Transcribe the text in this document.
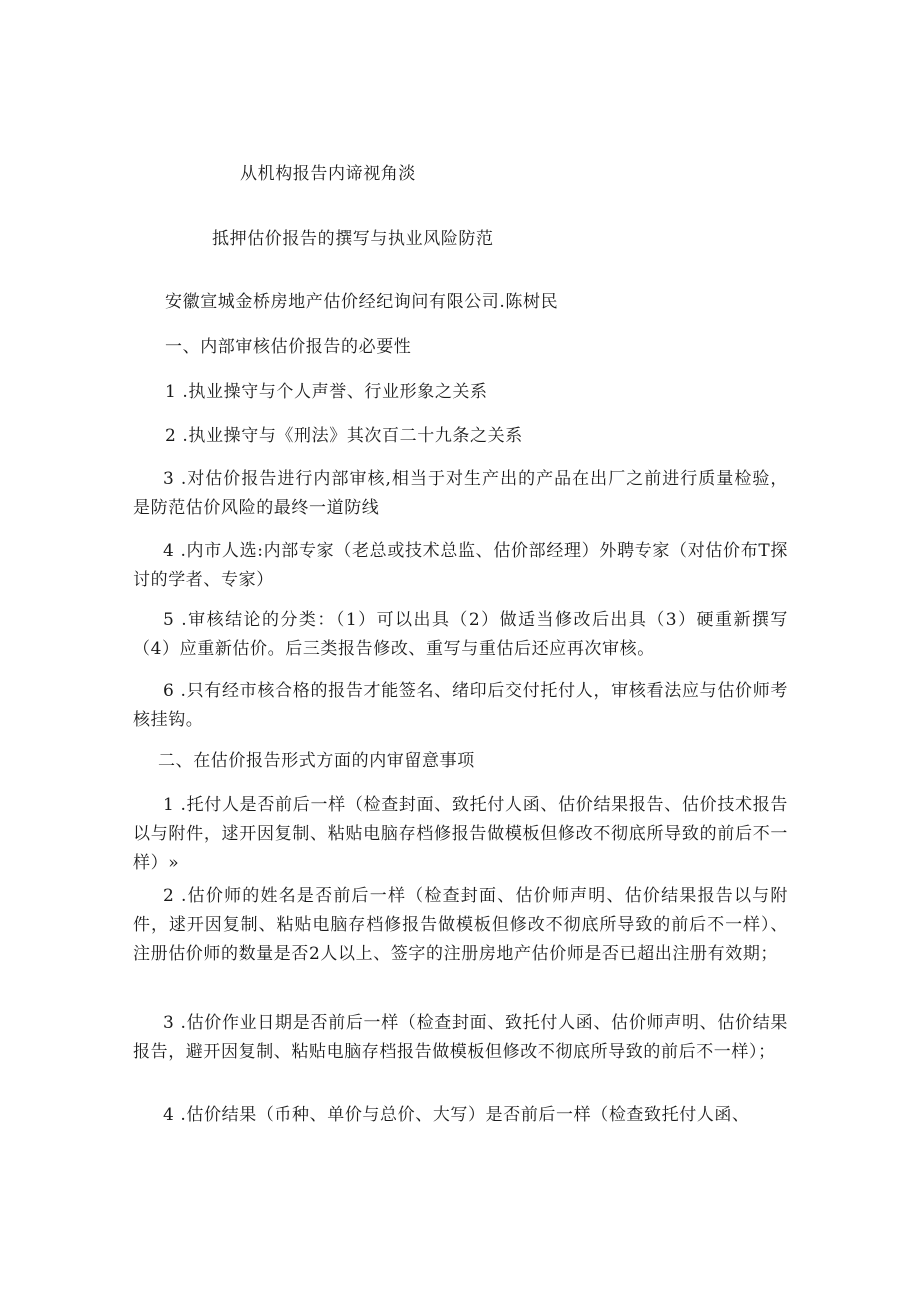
从机构报告内谛视角淡
抵押估价报告的撰写与执业风险防范
安徽宣城金桥房地产估价经纪询问有限公司.陈树民
一、内部审核估价报告的必要性
1 .执业操守与个人声誉、行业形象之关系
2 .执业操守与《刑法》其次百二十九条之关系
3 .对估价报告进行内部审核,相当于对生产出的产品在出厂之前进行质量检验，是防范估价风险的最终一道防线
4 .内市人选:内部专家（老总或技术总监、估价部经理）外聘专家（对估价布T探讨的学者、专家）
5 .审核结论的分类：（1）可以出具（2）做适当修改后出具（3）硬重新撰写（4）应重新估价。后三类报告修改、重写与重估后还应再次审核。
6 .只有经市核合格的报告才能签名、绪印后交付托付人，审核看法应与估价师考核挂钩。
二、在估价报告形式方面的内审留意事项
1 .托付人是否前后一样（检查封面、致托付人函、估价结果报告、估价技术报告以与附件，逑开因复制、粘贴电脑存档修报告做模板但修改不彻底所导致的前后不一样）»
2 .估价师的姓名是否前后一样（检查封面、估价师声明、估价结果报告以与附件，逑开因复制、粘贴电脑存档修报告做模板但修改不彻底所导致的前后不一样）、注册估价师的数量是否2人以上、签字的注册房地产估价师是否已超出注册有效期；
3 .估价作业日期是否前后一样（检查封面、致托付人函、估价师声明、估价结果报告，避开因复制、粘贴电脑存档报告做模板但修改不彻底所导致的前后不一样）；
4 .估价结果（币种、单价与总价、大写）是否前后一样（检查致托付人函、
